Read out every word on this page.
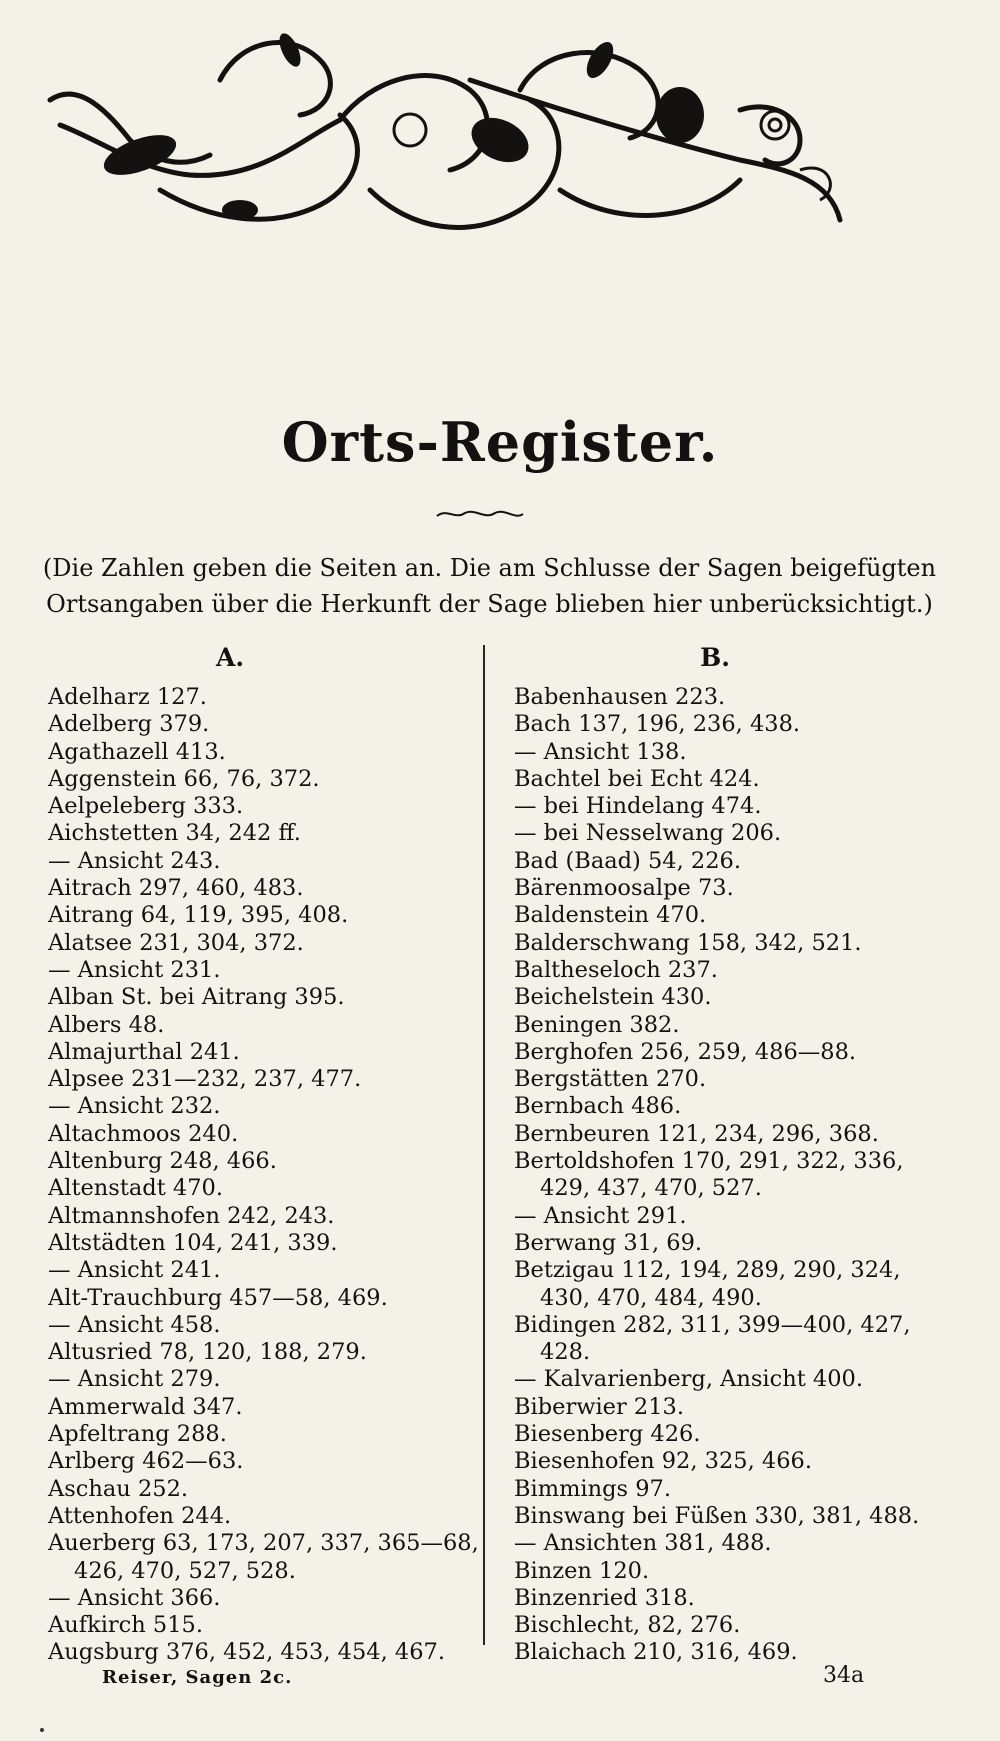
Orts-Register.

(Die Zahlen geben die Seiten an. Die am Schlusse der Sagen beigefügten Ortsangaben über die Herkunft der Sage blieben hier unberücksichtigt.)

A.	B.
Adelharz 127.
Adelberg 379.
Agathazell 413.
Aggenstein 66, 76, 372.
Aelpeleberg 333.
Aichstetten 34, 242 ff.
— Ansicht 243.
Aitrach 297, 460, 483.
Aitrang 64, 119, 395, 408.
Alatsee 231, 304, 372.
— Ansicht 231.
Alban St. bei Aitrang 395.
Albers 48.
Almajurthal 241.
Alpsee 231—232, 237, 477.
— Ansicht 232.
Altachmoos 240.
Altenburg 248, 466.
Altenstadt 470.
Altmannshofen 242, 243.
Altstädten 104, 241, 339.
— Ansicht 241.
Alt-Trauchburg 457—58, 469.
— Ansicht 458.
Altusried 78, 120, 188, 279.
— Ansicht 279.
Ammerwald 347.
Apfeltrang 288.
Arlberg 462—63.
Aschau 252.
Attenhofen 244.
Auerberg 63, 173, 207, 337, 365—68,
426, 470, 527, 528.
— Ansicht 366.
Aufkirch 515.
Augsburg 376, 452, 453, 454, 467.
Babenhausen 223.
Bach 137, 196, 236, 438.
— Ansicht 138.
Bachtel bei Echt 424.
— bei Hindelang 474.
— bei Nesselwang 206.
Bad (Baad) 54, 226.
Bärenmoosalpe 73.
Baldenstein 470.
Balderschwang 158, 342, 521.
Baltheseloch 237.
Beichelstein 430.
Beningen 382.
Berghofen 256, 259, 486—88.
Bergstätten 270.
Bernbach 486.
Bernbeuren 121, 234, 296, 368.
Bertoldshofen 170, 291, 322, 336,
429, 437, 470, 527.
— Ansicht 291.
Berwang 31, 69.
Betzigau 112, 194, 289, 290, 324,
430, 470, 484, 490.
Bidingen 282, 311, 399—400, 427,
428.
— Kalvarienberg, Ansicht 400.
Biberwier 213.
Biesenberg 426.
Biesenhofen 92, 325, 466.
Bimmings 97.
Binswang bei Füßen 330, 381, 488.
— Ansichten 381, 488.
Binzen 120.
Binzenried 318.
Bischlecht, 82, 276.
Blaichach 210, 316, 469.
Reiser, Sagen 2c.	34a
